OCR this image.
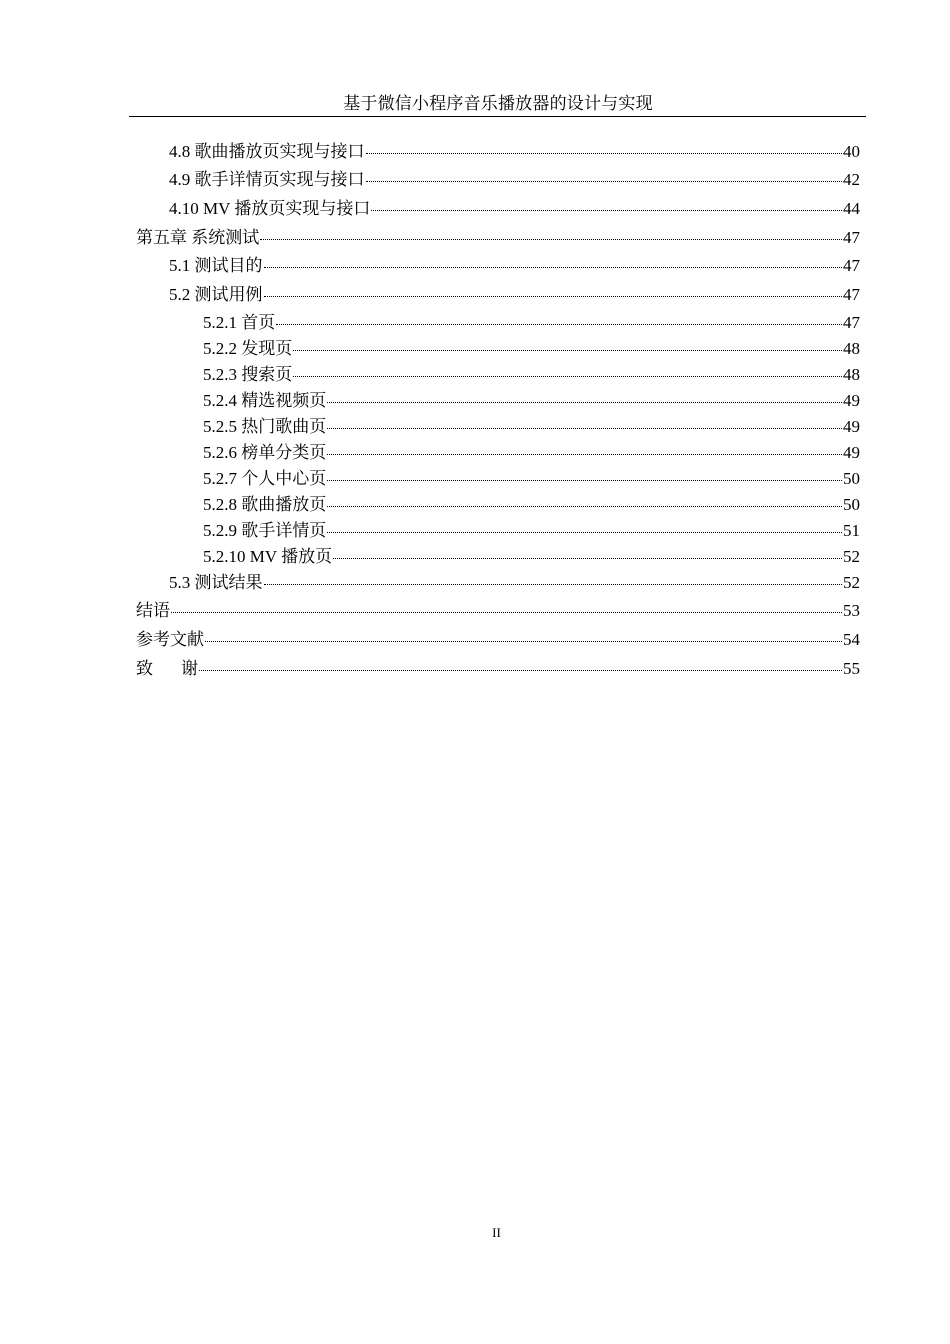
基于微信小程序音乐播放器的设计与实现
4.8 歌曲播放页实现与接口	40
4.9 歌手详情页实现与接口	42
4.10 MV 播放页实现与接口	44
第五章 系统测试	47
5.1 测试目的	47
5.2 测试用例	47
5.2.1 首页	47
5.2.2 发现页	48
5.2.3 搜索页	48
5.2.4 精选视频页	49
5.2.5 热门歌曲页	49
5.2.6 榜单分类页	49
5.2.7 个人中心页	50
5.2.8 歌曲播放页	50
5.2.9 歌手详情页	51
5.2.10 MV 播放页	52
5.3 测试结果	52
结语	53
参考文献	54
致谢	55
II
